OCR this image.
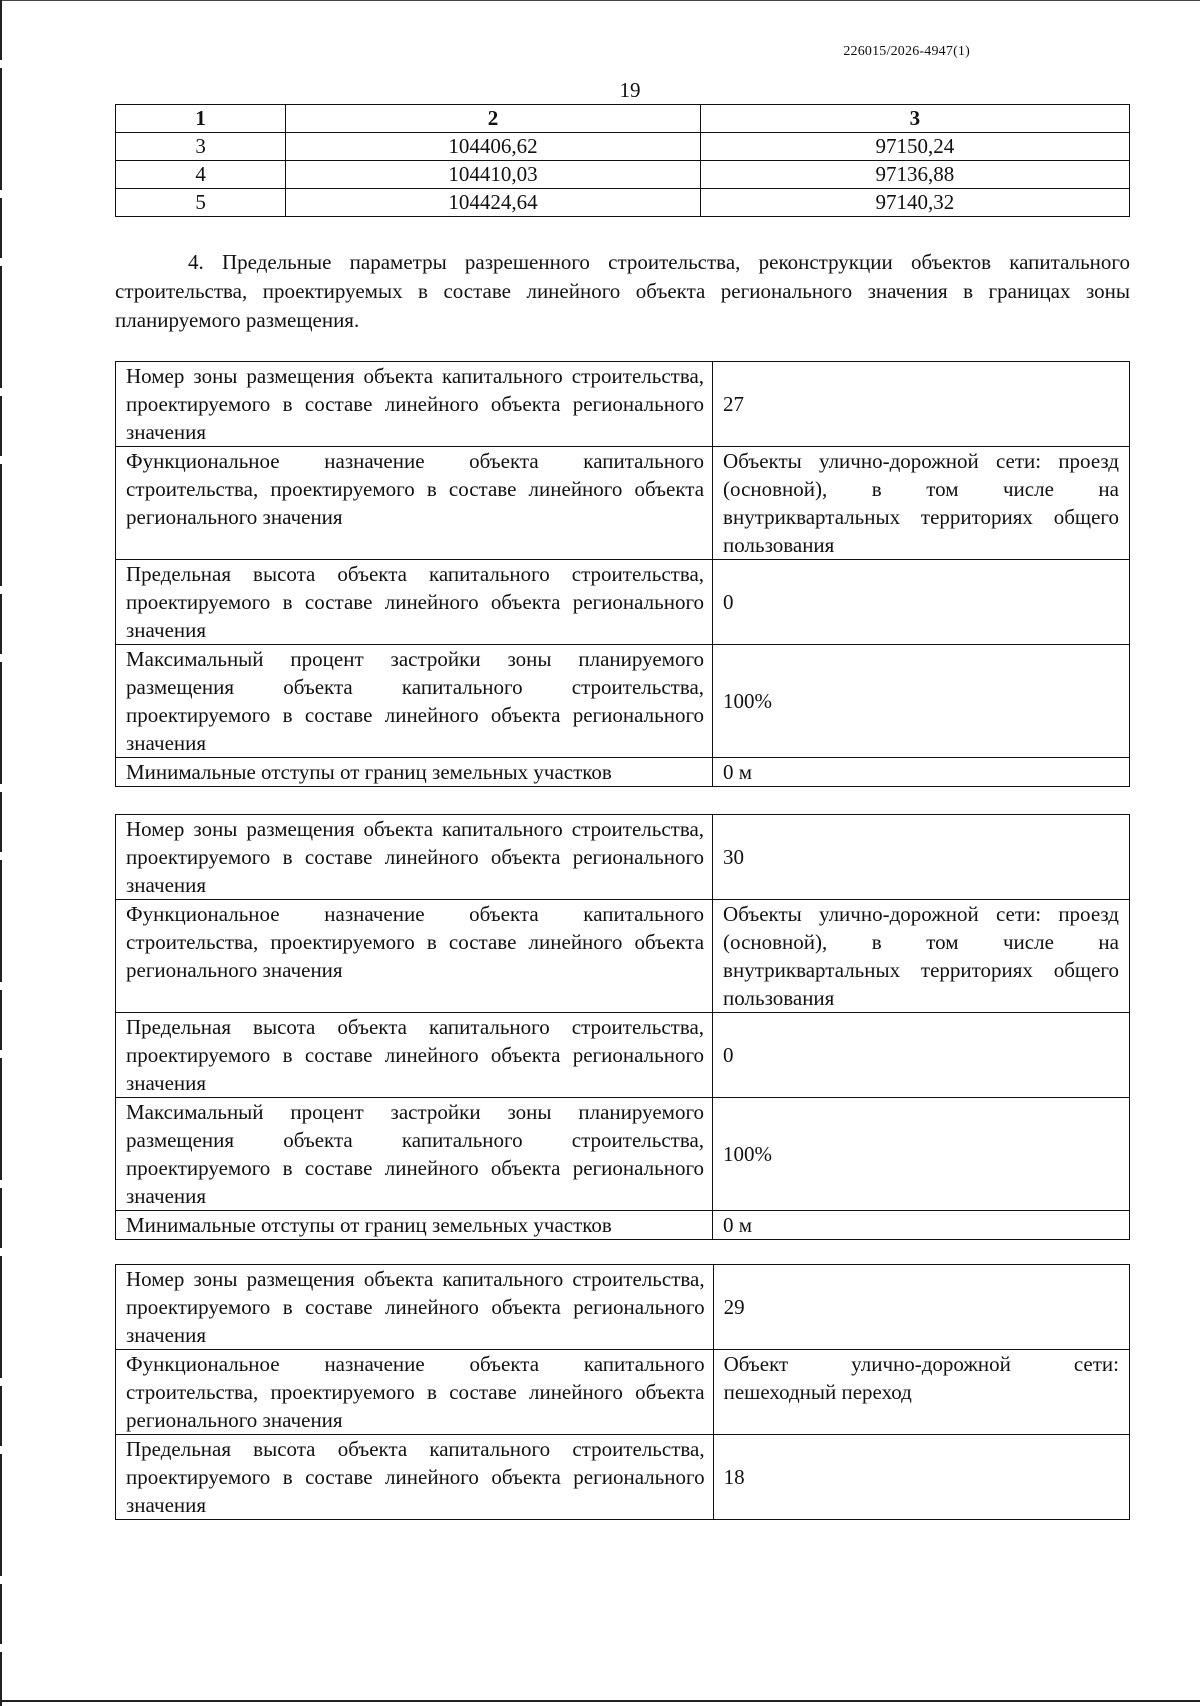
226015/2026-4947(1)
19
1	2	3
3	104406,62	97150,24
4	104410,03	97136,88
5	104424,64	97140,32

4. Предельные параметры разрешенного строительства, реконструкции объектов капитального строительства, проектируемых в составе линейного объекта регионального значения в границах зоны планируемого размещения.

Номер зоны размещения объекта капитального строительства, проектируемого в составе линейного объекта регионального значения	27
Функциональное назначение объекта капитального строительства, проектируемого в составе линейного объекта регионального значения	Объекты улично-дорожной сети: проезд (основной), в том числе на внутриквартальных территориях общего пользования
Предельная высота объекта капитального строительства, проектируемого в составе линейного объекта регионального значения	0
Максимальный процент застройки зоны планируемого размещения объекта капитального строительства, проектируемого в составе линейного объекта регионального значения	100%
Минимальные отступы от границ земельных участков	0 м
Номер зоны размещения объекта капитального строительства, проектируемого в составе линейного объекта регионального значения	30
Функциональное назначение объекта капитального строительства, проектируемого в составе линейного объекта регионального значения	Объекты улично-дорожной сети: проезд (основной), в том числе на внутриквартальных территориях общего пользования
Предельная высота объекта капитального строительства, проектируемого в составе линейного объекта регионального значения	0
Максимальный процент застройки зоны планируемого размещения объекта капитального строительства, проектируемого в составе линейного объекта регионального значения	100%
Минимальные отступы от границ земельных участков	0 м
Номер зоны размещения объекта капитального строительства, проектируемого в составе линейного объекта регионального значения	29
Функциональное назначение объекта капитального строительства, проектируемого в составе линейного объекта регионального значения	Объект улично-дорожной сети: пешеходный переход
Предельная высота объекта капитального строительства, проектируемого в составе линейного объекта регионального значения	18
